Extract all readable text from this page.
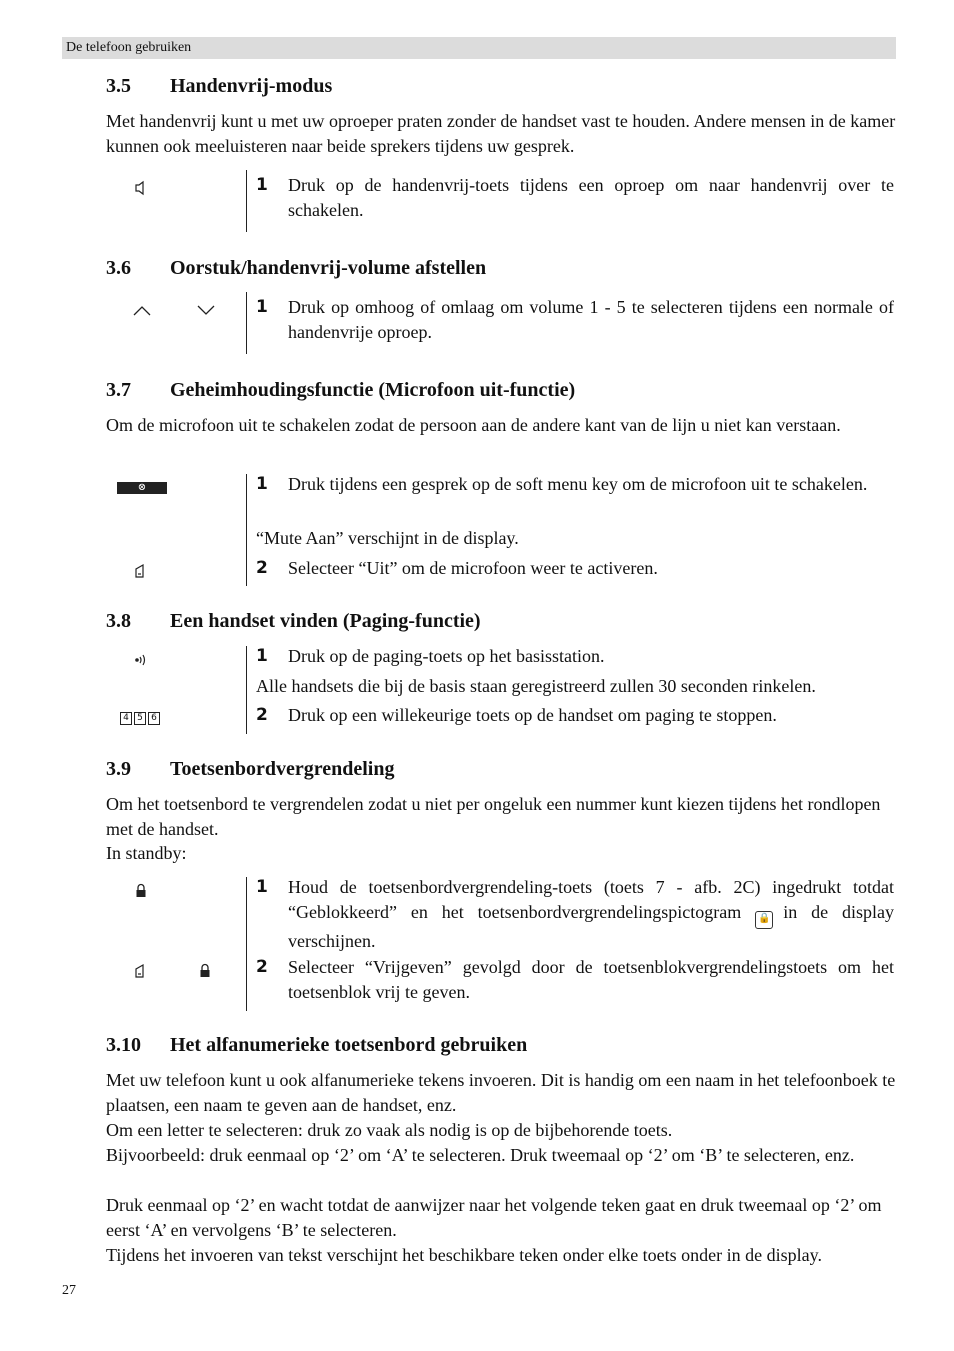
De telefoon gebruiken
3.5 Handenvrij-modus

Met handenvrij kunt u met uw oproeper praten zonder de handset vast te houden. Andere mensen in de kamer kunnen ook meeluisteren naar beide sprekers tijdens uw gesprek.

1 Druk op de handenvrij-toets tijdens een oproep om naar handenvrij over te schakelen.
3.6 Oorstuk/handenvrij-volume afstellen
1 Druk op omhoog of omlaag om volume 1 - 5 te selecteren tijdens een normale of handenvrije oproep.
3.7 Geheimhoudingsfunctie (Microfoon uit-functie)

Om de microfoon uit te schakelen zodat de persoon aan de andere kant van de lijn u niet kan verstaan.

⊗	1 Druk tijdens een gesprek op de soft menu key om de microfoon uit te schakelen.
“Mute Aan” verschijnt in de display.
2 Selecteer “Uit” om de microfoon weer te activeren.
3.8 Een handset vinden (Paging-functie)
4 5 6
1 Druk op de paging-toets op het basisstation.
Alle handsets die bij de basis staan geregistreerd zullen 30 seconden rinkelen.
2 Druk op een willekeurige toets op de handset om paging te stoppen.
3.9 Toetsenbordvergrendeling

Om het toetsenbord te vergrendelen zodat u niet per ongeluk een nummer kunt kiezen tijdens het rondlopen met de handset.

In standby:

1 Houd de toetsenbordvergrendeling-toets (toets 7 - afb. 2C) ingedrukt totdat “Geblokkeerd” en het toetsenbordvergrendelingspictogram 🔒 in de display verschijnen.
2 Selecteer “Vrijgeven” gevolgd door de toetsenblokvergrendelingstoets om het toetsenblok vrij te geven.
3.10 Het alfanumerieke toetsenbord gebruiken

Met uw telefoon kunt u ook alfanumerieke tekens invoeren. Dit is handig om een naam in het telefoonboek te plaatsen, een naam te geven aan de handset, enz.

Om een letter te selecteren: druk zo vaak als nodig is op de bijbehorende toets.

Bijvoorbeeld: druk eenmaal op ‘2’ om ‘A’ te selecteren. Druk tweemaal op ‘2’ om ‘B’ te selecteren, enz.

Druk eenmaal op ‘2’ en wacht totdat de aanwijzer naar het volgende teken gaat en druk tweemaal op ‘2’ om eerst ‘A’ en vervolgens ‘B’ te selecteren.

Tijdens het invoeren van tekst verschijnt het beschikbare teken onder elke toets onder in de display.

27
